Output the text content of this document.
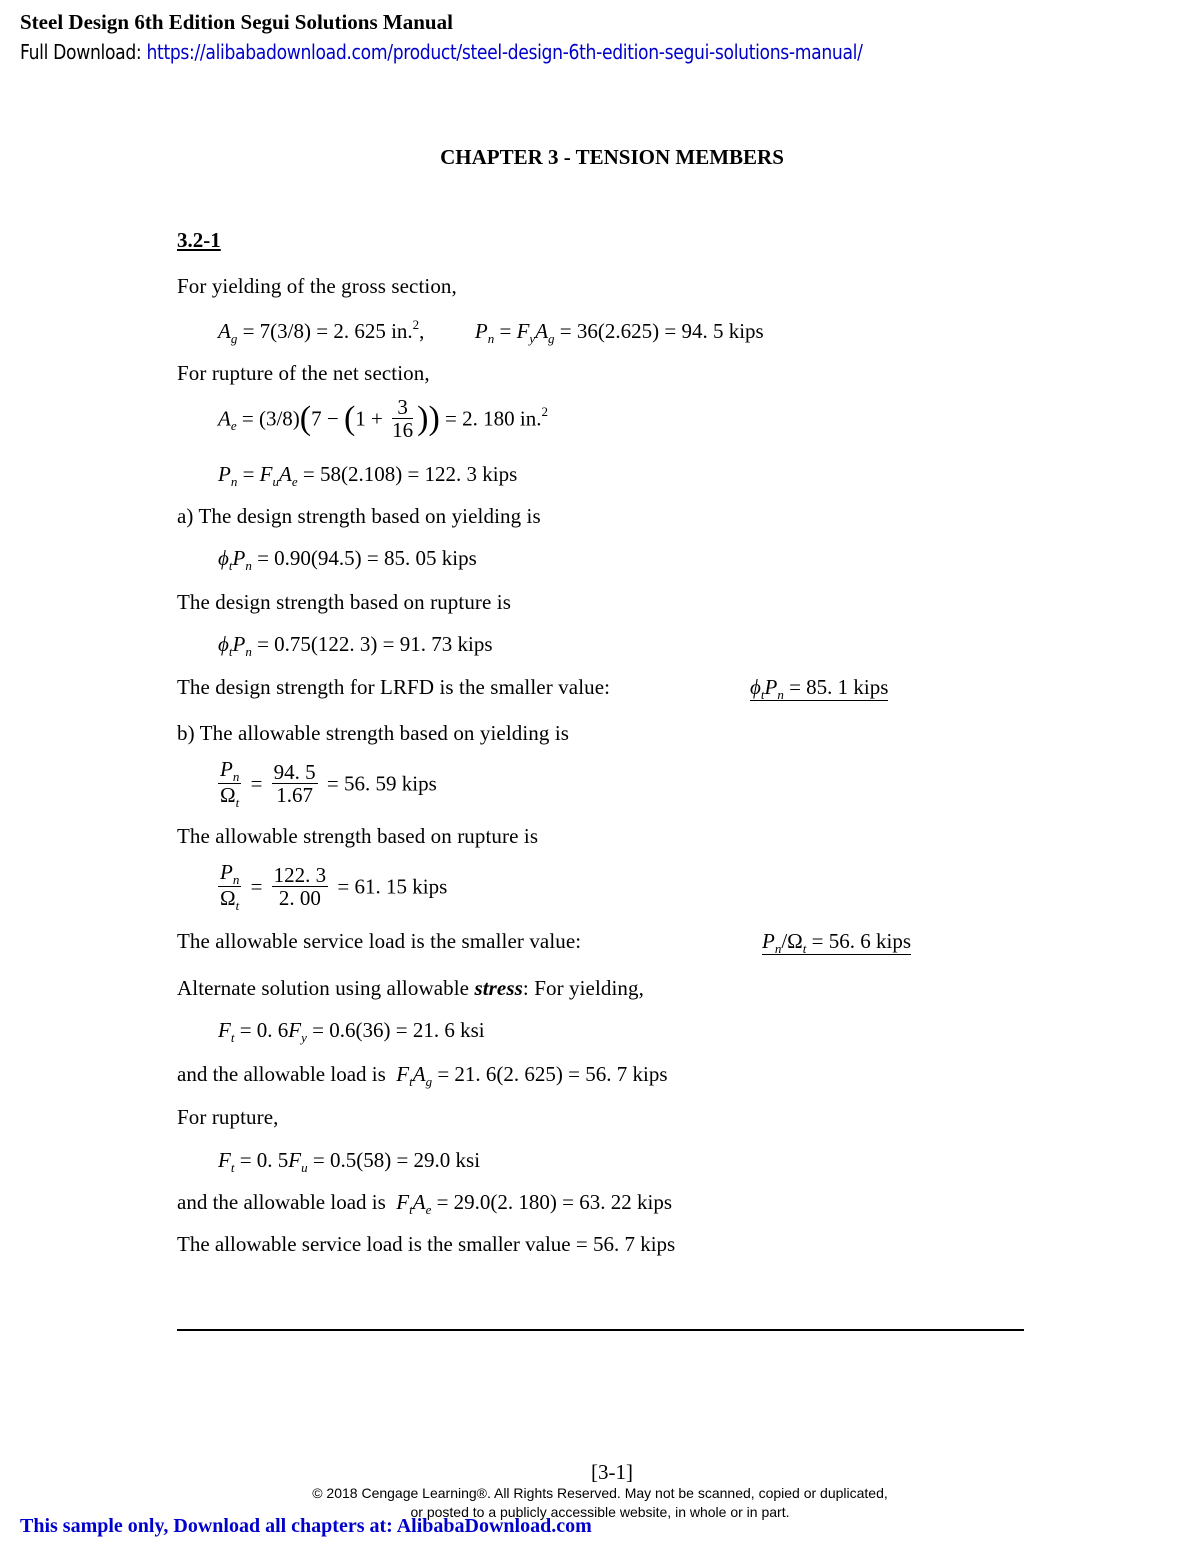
Steel Design 6th Edition Segui Solutions Manual
Full Download: https://alibabadownload.com/product/steel-design-6th-edition-segui-solutions-manual/
CHAPTER 3 - TENSION MEMBERS
3.2-1
For yielding of the gross section,
$A_g = 7(3/8) = 2$. 625 in.$^2$,  $P_n = F_yA_g = 36(2.625) = 94$. 5 kips
For rupture of the net section,
$A_e = (3/8)(7 - (1 + \frac{3}{16}$ )) = 2. 180 in.$^2$
$P_n = F_uA_e = 58(2.108) = 122$. 3 kips
a) The design strength based on yielding is
$\phi_tP_n = 0.90(94.5) = 85$. 05 kips
The design strength based on rupture is
$\phi_tP_n = 0.75(122$. 3) = 91. 73 kips
The design strength for LRFD is the smaller value:	$\phi_tP_n = 85$. 1 kips
b) The allowable strength based on yielding is
$\frac{P_n}{\Omega_t} = \frac{94. 5}{1.67} = 56$. 59 kips
The allowable strength based on rupture is
$\frac{P_n}{\Omega_t} = \frac{122. 3}{2. 00} = 61$. 15 kips
The allowable service load is the smaller value:	$P_n/\Omega_t = 56$. 6 kips
Alternate solution using allowable stress: For yielding,
$F_t = 0$. $6F_y = 0.6(36) = 21$. 6 ksi
and the allowable load is $F_tA_g = 21$. 6(2. 625) = 56. 7 kips
For rupture,
$F_t = 0$. $5F_u = 0.5(58) = 29.0$ ksi
and the allowable load is $F_tA_e = 29.0(2$. 180) = 63. 22 kips
The allowable service load is the smaller value = 56. 7 kips
[3-1]
© 2018 Cengage Learning®. All Rights Reserved. May not be scanned, copied or duplicated,
or posted to a publicly accessible website, in whole or in part.
This sample only, Download all chapters at: AlibabaDownload.com
